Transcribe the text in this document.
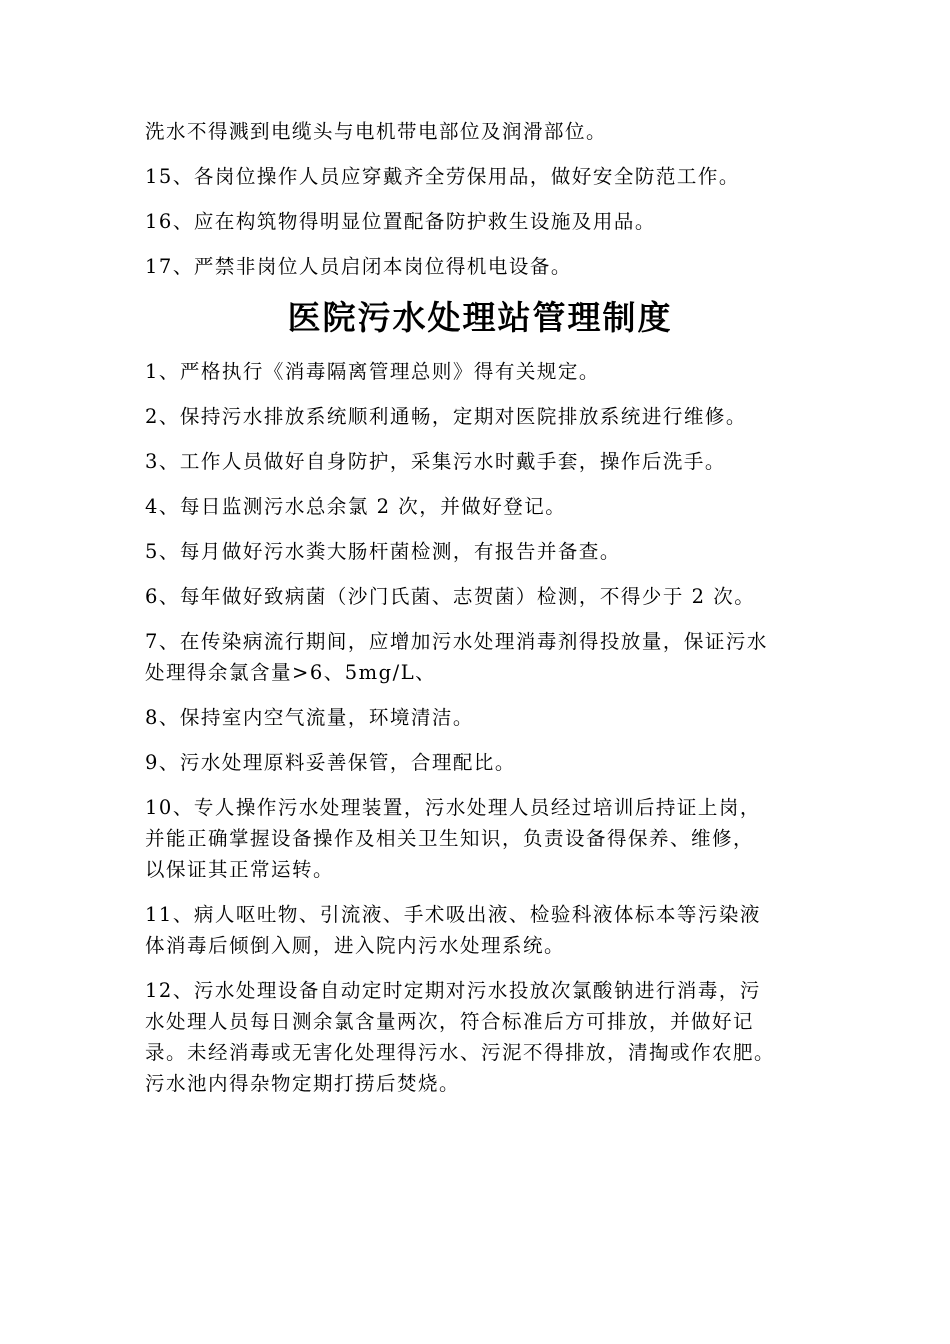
洗水不得溅到电缆头与电机带电部位及润滑部位。
15、各岗位操作人员应穿戴齐全劳保用品，做好安全防范工作。
16、应在构筑物得明显位置配备防护救生设施及用品。
17、严禁非岗位人员启闭本岗位得机电设备。
医院污水处理站管理制度
1、严格执行《消毒隔离管理总则》得有关规定。
2、保持污水排放系统顺利通畅，定期对医院排放系统进行维修。
3、工作人员做好自身防护，采集污水时戴手套，操作后洗手。
4、每日监测污水总余氯 2 次，并做好登记。
5、每月做好污水粪大肠杆菌检测，有报告并备查。
6、每年做好致病菌（沙门氏菌、志贺菌）检测，不得少于 2 次。
7、在传染病流行期间，应增加污水处理消毒剂得投放量，保证污水
处理得余氯含量>6、5mg/L、
8、保持室内空气流量，环境清洁。
9、污水处理原料妥善保管，合理配比。
10、专人操作污水处理装置，污水处理人员经过培训后持证上岗，
并能正确掌握设备操作及相关卫生知识，负责设备得保养、维修，
以保证其正常运转。
11、病人呕吐物、引流液、手术吸出液、检验科液体标本等污染液
体消毒后倾倒入厕，进入院内污水处理系统。
12、污水处理设备自动定时定期对污水投放次氯酸钠进行消毒，污
水处理人员每日测余氯含量两次，符合标准后方可排放，并做好记
录。未经消毒或无害化处理得污水、污泥不得排放，清掏或作农肥。
污水池内得杂物定期打捞后焚烧。
